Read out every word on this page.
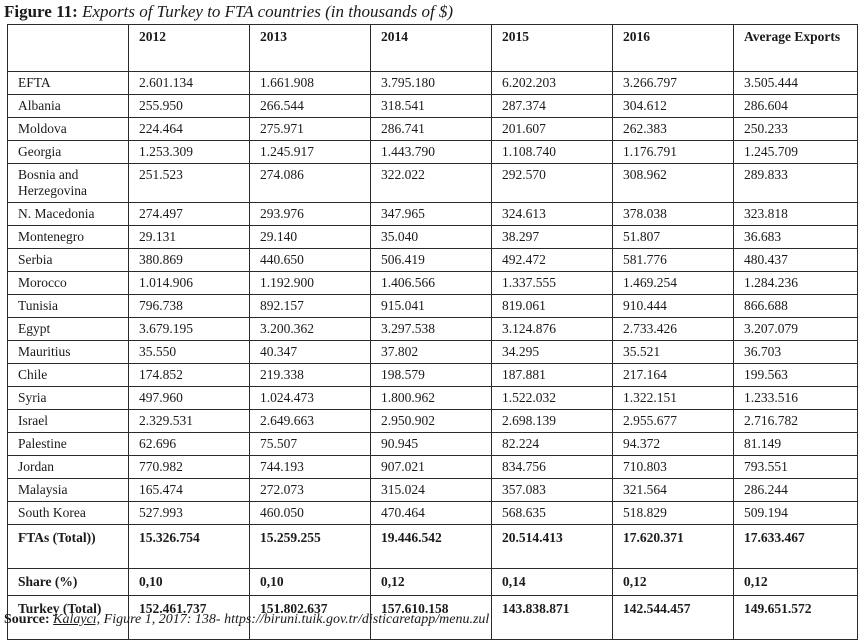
Figure 11: Exports of Turkey to FTA countries (in thousands of $)
	2012	2013	2014	2015	2016	Average Exports
EFTA	2.601.134	1.661.908	3.795.180	6.202.203	3.266.797	3.505.444
Albania	255.950	266.544	318.541	287.374	304.612	286.604
Moldova	224.464	275.971	286.741	201.607	262.383	250.233
Georgia	1.253.309	1.245.917	1.443.790	1.108.740	1.176.791	1.245.709
Bosnia and Herzegovina	251.523	274.086	322.022	292.570	308.962	289.833
N. Macedonia	274.497	293.976	347.965	324.613	378.038	323.818
Montenegro	29.131	29.140	35.040	38.297	51.807	36.683
Serbia	380.869	440.650	506.419	492.472	581.776	480.437
Morocco	1.014.906	1.192.900	1.406.566	1.337.555	1.469.254	1.284.236
Tunisia	796.738	892.157	915.041	819.061	910.444	866.688
Egypt	3.679.195	3.200.362	3.297.538	3.124.876	2.733.426	3.207.079
Mauritius	35.550	40.347	37.802	34.295	35.521	36.703
Chile	174.852	219.338	198.579	187.881	217.164	199.563
Syria	497.960	1.024.473	1.800.962	1.522.032	1.322.151	1.233.516
Israel	2.329.531	2.649.663	2.950.902	2.698.139	2.955.677	2.716.782
Palestine	62.696	75.507	90.945	82.224	94.372	81.149
Jordan	770.982	744.193	907.021	834.756	710.803	793.551
Malaysia	165.474	272.073	315.024	357.083	321.564	286.244
South Korea	527.993	460.050	470.464	568.635	518.829	509.194
FTAs (Total))	15.326.754	15.259.255	19.446.542	20.514.413	17.620.371	17.633.467
Share (%)	0,10	0,10	0,12	0,14	0,12	0,12
Turkey (Total)	152.461.737	151.802.637	157.610.158	143.838.871	142.544.457	149.651.572
Source: Kalaycı, Figure 1, 2017: 138- https://biruni.tuik.gov.tr/disticaretapp/menu.zul
